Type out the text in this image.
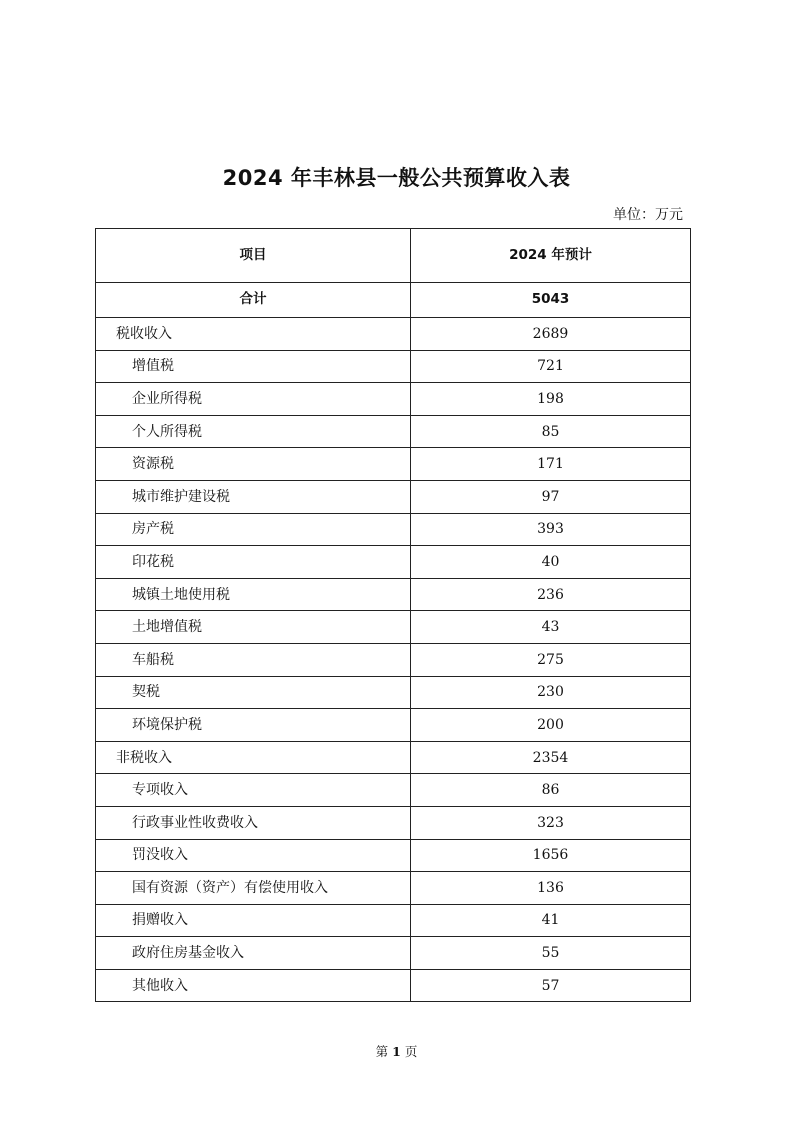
2024 年丰林县一般公共预算收入表
单位：万元
项目	2024 年预计
合计	5043
税收收入	2689
增值税	721
企业所得税	198
个人所得税	85
资源税	171
城市维护建设税	97
房产税	393
印花税	40
城镇土地使用税	236
土地增值税	43
车船税	275
契税	230
环境保护税	200
非税收入	2354
专项收入	86
行政事业性收费收入	323
罚没收入	1656
国有资源（资产）有偿使用收入	136
捐赠收入	41
政府住房基金收入	55
其他收入	57
第 1 页
